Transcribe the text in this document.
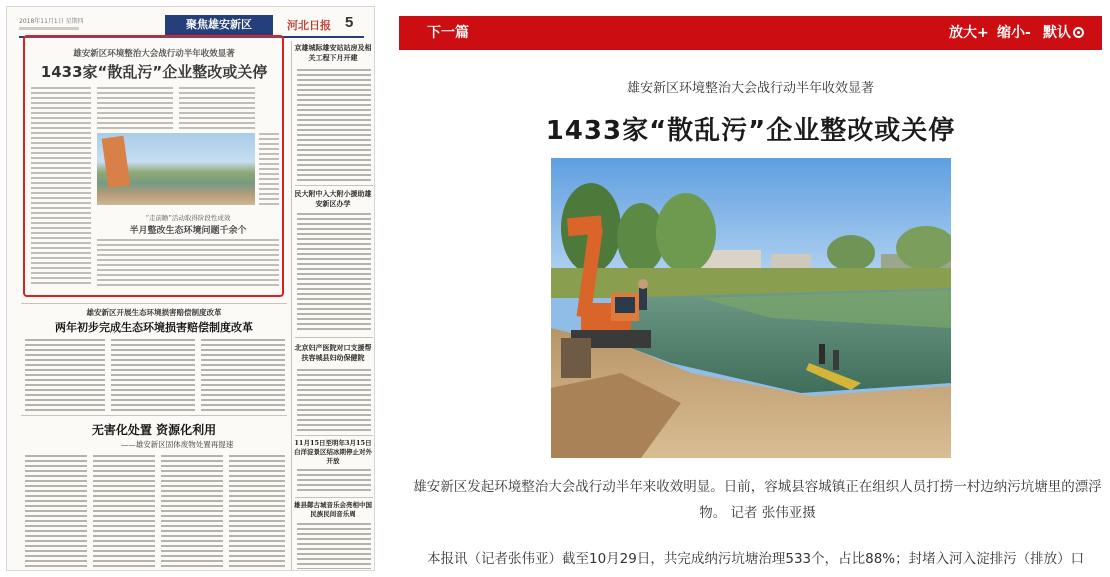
2018年11月1日 星期四	聚焦雄安新区	河北日报 5
雄安新区环境整治大会战行动半年收效显著
1433家“散乱污”企业整改或关停
“走前瞻”活动取得阶段性成效
半月整改生态环境问题千余个
京雄城际雄安站站房及相关工程下月开建
民大附中入大附小援助雄安新区办学
北京妇产医院对口支援帮扶容城县妇幼保健院
11月15日至明年3月15日 白洋淀景区结冰期停止对外开放
雄县鄚古城音乐会亮相中国民族民间音乐周
雄安新区开展生态环境损害赔偿制度改革
两年初步完成生态环境损害赔偿制度改革
无害化处置 资源化利用
——雄安新区固体废物处置再提速
下一篇	放大+ 缩小- 默认
雄安新区环境整治大会战行动半年收效显著
1433家“散乱污”企业整改或关停
雄安新区发起环境整治大会战行动半年来收效明显。日前，容城县容城镇正在组织人员打捞一村边纳污坑塘里的漂浮物。 记者 张伟亚摄
本报讯（记者张伟亚）截至10月29日，共完成纳污坑塘治理533个，占比88%；封堵入河入淀排污（排放）口
